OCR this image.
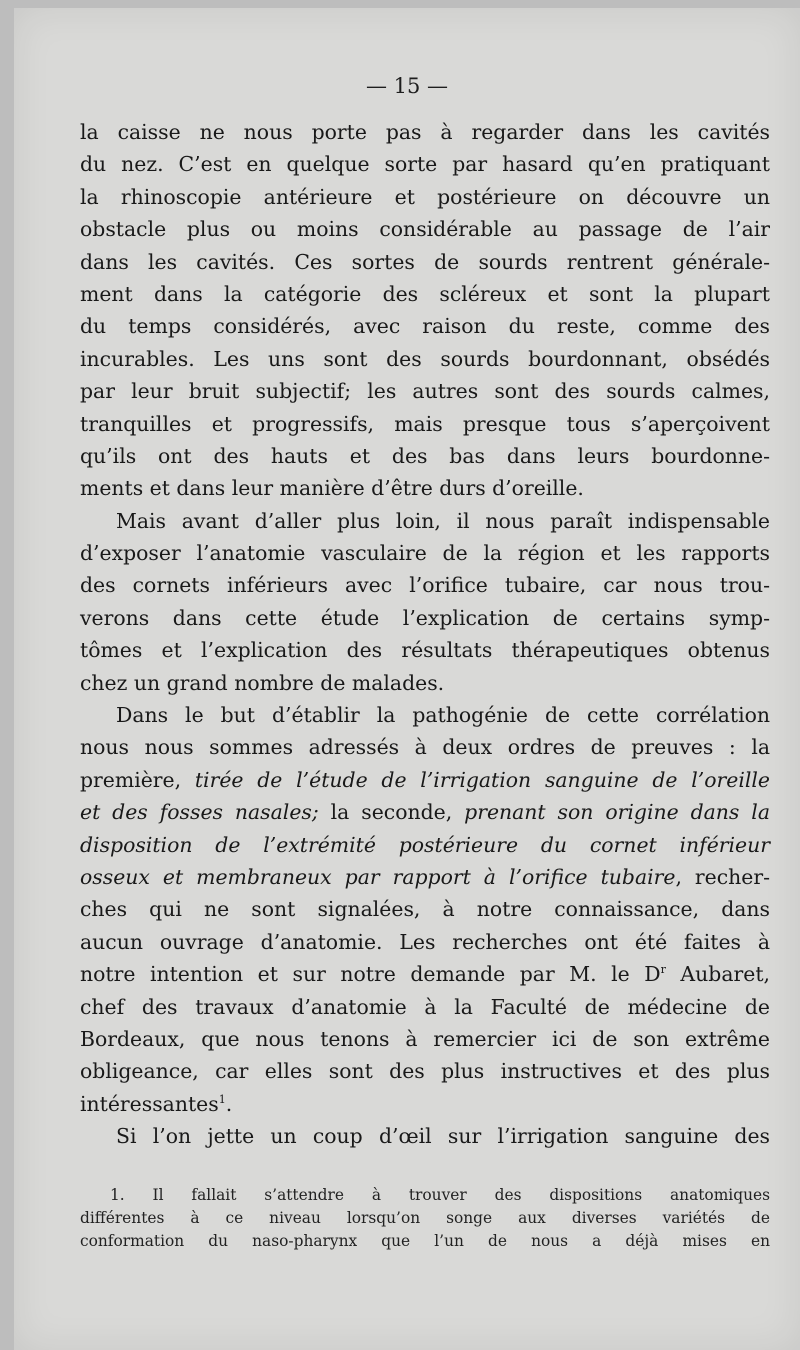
— 15 —
la caisse ne nous porte pas à regarder dans les cavités
du nez. C’est en quelque sorte par hasard qu’en pratiquant
la rhinoscopie antérieure et postérieure on découvre un
obstacle plus ou moins considérable au passage de l’air
dans les cavités. Ces sortes de sourds rentrent générale-
ment dans la catégorie des scléreux et sont la plupart
du temps considérés, avec raison du reste, comme des
incurables. Les uns sont des sourds bourdonnant, obsédés
par leur bruit subjectif; les autres sont des sourds calmes,
tranquilles et progressifs, mais presque tous s’aperçoivent
qu’ils ont des hauts et des bas dans leurs bourdonne-
ments et dans leur manière d’être durs d’oreille.
Mais avant d’aller plus loin, il nous paraît indispensable
d’exposer l’anatomie vasculaire de la région et les rapports
des cornets inférieurs avec l’orifice tubaire, car nous trou-
verons dans cette étude l’explication de certains symp-
tômes et l’explication des résultats thérapeutiques obtenus
chez un grand nombre de malades.
Dans le but d’établir la pathogénie de cette corrélation
nous nous sommes adressés à deux ordres de preuves : la
première, tirée de l’étude de l’irrigation sanguine de l’oreille
et des fosses nasales; la seconde, prenant son origine dans la
disposition de l’extrémité postérieure du cornet inférieur
osseux et membraneux par rapport à l’orifice tubaire, recher-
ches qui ne sont signalées, à notre connaissance, dans
aucun ouvrage d’anatomie. Les recherches ont été faites à
notre intention et sur notre demande par M. le $D^r$ Aubaret,
chef des travaux d’anatomie à la Faculté de médecine de
Bordeaux, que nous tenons à remercier ici de son extrême
obligeance, car elles sont des plus instructives et des plus
intéressantes$^1$.
Si l’on jette un coup d’œil sur l’irrigation sanguine des
1. Il fallait s’attendre à trouver des dispositions anatomiques
différentes à ce niveau lorsqu’on songe aux diverses variétés de
conformation du naso-pharynx que l’un de nous a déjà mises en
